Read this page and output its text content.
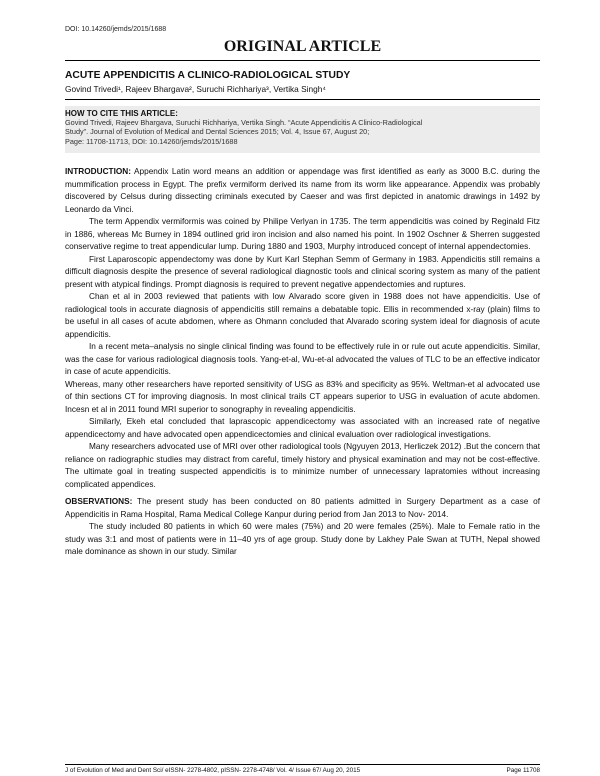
DOI: 10.14260/jemds/2015/1688
ORIGINAL ARTICLE
ACUTE APPENDICITIS A CLINICO-RADIOLOGICAL STUDY
Govind Trivedi¹, Rajeev Bhargava², Suruchi Richhariya³, Vertika Singh⁴
HOW TO CITE THIS ARTICLE:
Govind Trivedi, Rajeev Bhargava, Suruchi Richhariya, Vertika Singh. “Acute Appendicitis A Clinico-Radiological
Study”. Journal of Evolution of Medical and Dental Sciences 2015; Vol. 4, Issue 67, August 20;
Page: 11708-11713, DOI: 10.14260/jemds/2015/1688

INTRODUCTION: Appendix Latin word means an addition or appendage was first identified as early as 3000 B.C. during the mummification process in Egypt. The prefix vermiform derived its name from its worm like appearance. Appendix was probably discovered by Celsus during dissecting criminals executed by Caeser and was first depicted in anatomic drawings in 1492 by Leonardo da Vinci.

The term Appendix vermiformis was coined by Philipe Verlyan in 1735. The term appendicitis was coined by Reginald Fitz in 1886, whereas Mc Burney in 1894 outlined grid iron incision and also named his point. In 1902 Oschner & Sherren suggested conservative regime to treat appendicular lump. During 1880 and 1903, Murphy introduced concept of internal appendectomies.

First Laparoscopic appendectomy was done by Kurt Karl Stephan Semm of Germany in 1983. Appendicitis still remains a difficult diagnosis despite the presence of several radiological diagnostic tools and clinical scoring system as many of the patient present with atypical findings. Prompt diagnosis is required to prevent negative appendectomies and ruptures.

Chan et al in 2003 reviewed that patients with low Alvarado score given in 1988 does not have appendicitis. Use of radiological tools in accurate diagnosis of appendicitis still remains a debatable topic. Ellis in recommended x-ray (plain) films to be useful in all cases of acute abdomen, where as Ohmann concluded that Alvarado scoring system ideal for diagnosis of acute appendicitis.

In a recent meta–analysis no single clinical finding was found to be effectively rule in or rule out acute appendicitis. Similar, was the case for various radiological diagnosis tools. Yang-et-al, Wu-et-al advocated the values of TLC to be an effective indicator in case of acute appendicitis.

Whereas, many other researchers have reported sensitivity of USG as 83% and specificity as 95%. Weltman-et al advocated use of thin sections CT for improving diagnosis. In most clinical trails CT appears superior to USG in evaluation of acute abdomen. Incesn et al in 2011 found MRI superior to sonography in revealing appendicitis.

Similarly, Ekeh etal concluded that laprascopic appendicectomy was associated with an increased rate of negative appendicectomy and have advocated open appendicectomies and clinical evaluation over radiological investigations.

Many researchers advocated use of MRI over other radiological tools (Ngyuyen 2013, Herliczek 2012) .But the concern that reliance on radiographic studies may distract from careful, timely history and physical examination and may not be cost-effective. The ultimate goal in treating suspected appendicitis is to minimize number of unnecessary lapratomies without increasing complicated appendices.

OBSERVATIONS: The present study has been conducted on 80 patients admitted in Surgery Department as a case of Appendicitis in Rama Hospital, Rama Medical College Kanpur during period from Jan 2013 to Nov- 2014.

The study included 80 patients in which 60 were males (75%) and 20 were females (25%). Male to Female ratio in the study was 3:1 and most of patients were in 11–40 yrs of age group. Study done by Lakhey Pale Swan at TUTH, Nepal showed male dominance as shown in our study. Similar

J of Evolution of Med and Dent Sci/ eISSN- 2278-4802, pISSN- 2278-4748/ Vol. 4/ Issue 67/ Aug 20, 2015	Page 11708
